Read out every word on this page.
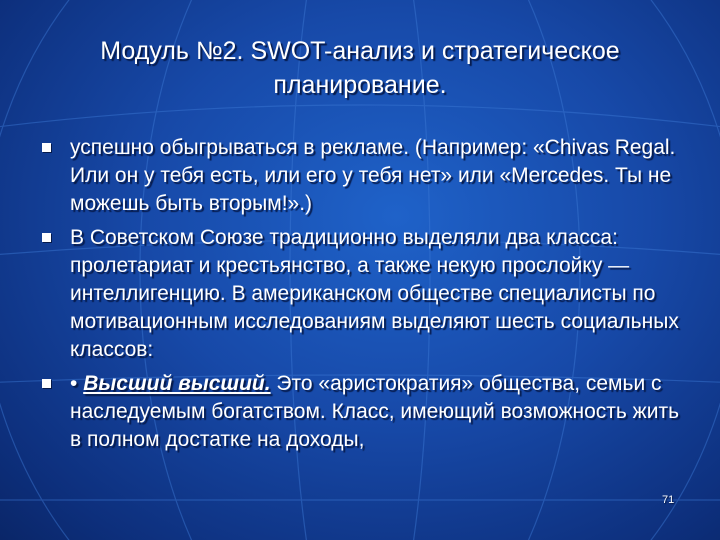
Модуль №2. SWOT-анализ и стратегическое
планирование.
успешно обыгрываться в рекламе. (Например: «Chivas Regal. Или он у тебя есть, или его у тебя нет» или «Mercedes. Ты не можешь быть вторым!».)
В Советском Союзе традиционно выделяли два класса: пролетариат и крестьянство, а также некую прослойку — интеллигенцию. В американском обществе специалисты по мотивационным исследованиям выделяют шесть социальных классов:
• Высший высший. Это «аристократия» общества, семьи с наследуемым богатством. Класс, имеющий возможность жить в полном достатке на доходы,
71
